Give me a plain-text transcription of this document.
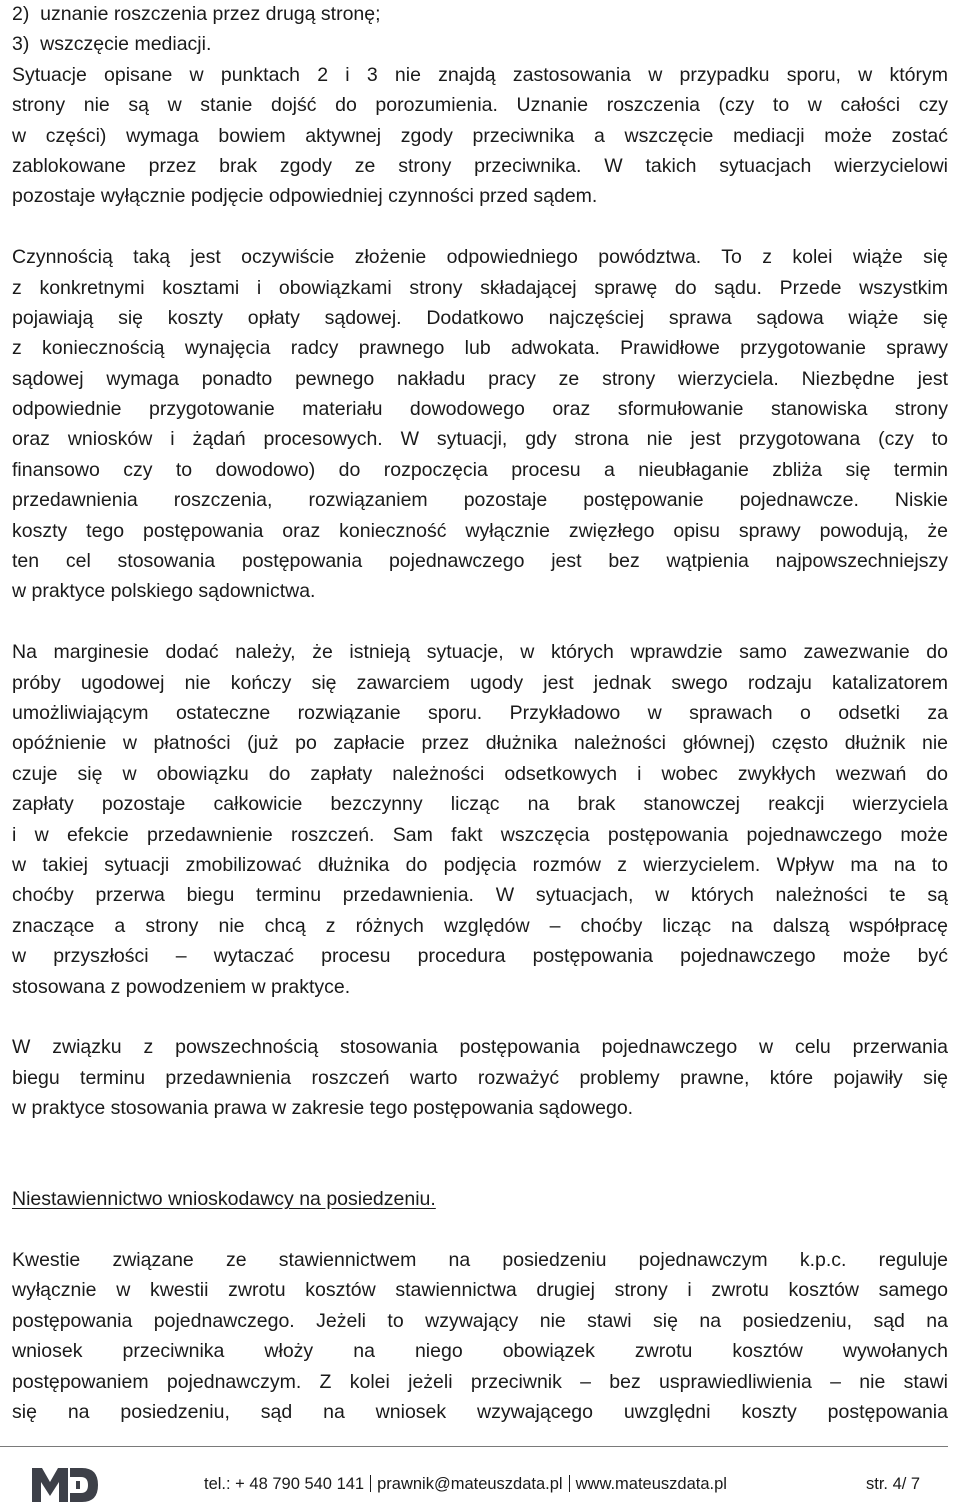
2)  uznanie roszczenia przez drugą stronę;
3)  wszczęcie mediacji.
Sytuacje opisane w punktach 2 i 3 nie znajdą zastosowania w przypadku sporu, w którym
strony nie są w stanie dojść do porozumienia. Uznanie roszczenia (czy to w całości czy
w części) wymaga bowiem aktywnej zgody przeciwnika a wszczęcie mediacji może zostać
zablokowane przez brak zgody ze strony przeciwnika. W takich sytuacjach wierzycielowi
pozostaje wyłącznie podjęcie odpowiedniej czynności przed sądem.
Czynnością taką jest oczywiście złożenie odpowiedniego powództwa. To z kolei wiąże się
z konkretnymi kosztami i obowiązkami strony składającej sprawę do sądu. Przede wszystkim
pojawiają się koszty opłaty sądowej. Dodatkowo najczęściej sprawa sądowa wiąże się
z koniecznością wynajęcia radcy prawnego lub adwokata. Prawidłowe przygotowanie sprawy
sądowej wymaga ponadto pewnego nakładu pracy ze strony wierzyciela. Niezbędne jest
odpowiednie przygotowanie materiału dowodowego oraz sformułowanie stanowiska strony
oraz wniosków i żądań procesowych. W sytuacji, gdy strona nie jest przygotowana (czy to
finansowo czy to dowodowo) do rozpoczęcia procesu a nieubłaganie zbliża się termin
przedawnienia roszczenia, rozwiązaniem pozostaje postępowanie pojednawcze. Niskie
koszty tego postępowania oraz konieczność wyłącznie zwięzłego opisu sprawy powodują, że
ten cel stosowania postępowania pojednawczego jest bez wątpienia najpowszechniejszy
w praktyce polskiego sądownictwa.
Na marginesie dodać należy, że istnieją sytuacje, w których wprawdzie samo zawezwanie do
próby ugodowej nie kończy się zawarciem ugody jest jednak swego rodzaju katalizatorem
umożliwiającym ostateczne rozwiązanie sporu. Przykładowo w sprawach o odsetki za
opóźnienie w płatności (już po zapłacie przez dłużnika należności głównej) często dłużnik nie
czuje się w obowiązku do zapłaty należności odsetkowych i wobec zwykłych wezwań do
zapłaty pozostaje całkowicie bezczynny licząc na brak stanowczej reakcji wierzyciela
i w efekcie przedawnienie roszczeń. Sam fakt wszczęcia postępowania pojednawczego może
w takiej sytuacji zmobilizować dłużnika do podjęcia rozmów z wierzycielem. Wpływ ma na to
choćby przerwa biegu terminu przedawnienia. W sytuacjach, w których należności te są
znaczące a strony nie chcą z różnych względów – choćby licząc na dalszą współpracę
w przyszłości – wytaczać procesu procedura postępowania pojednawczego może być
stosowana z powodzeniem w praktyce.
W związku z powszechnością stosowania postępowania pojednawczego w celu przerwania
biegu terminu przedawnienia roszczeń warto rozważyć problemy prawne, które pojawiły się
w praktyce stosowania prawa w zakresie tego postępowania sądowego.
Niestawiennictwo wnioskodawcy na posiedzeniu.
Kwestie związane ze stawiennictwem na posiedzeniu pojednawczym k.p.c. reguluje
wyłącznie w kwestii zwrotu kosztów stawiennictwa drugiej strony i zwrotu kosztów samego
postępowania pojednawczego. Jeżeli to wzywający nie stawi się na posiedzeniu, sąd na
wniosek przeciwnika włoży na niego obowiązek zwrotu kosztów wywołanych
postępowaniem pojednawczym. Z kolei jeżeli przeciwnik – bez usprawiedliwienia – nie stawi
się na posiedzeniu, sąd na wniosek wzywającego uwzględni koszty postępowania
tel.: + 48 790 540 141 prawnik@mateuszdata.pl www.mateuszdata.pl	str. 4/ 7
